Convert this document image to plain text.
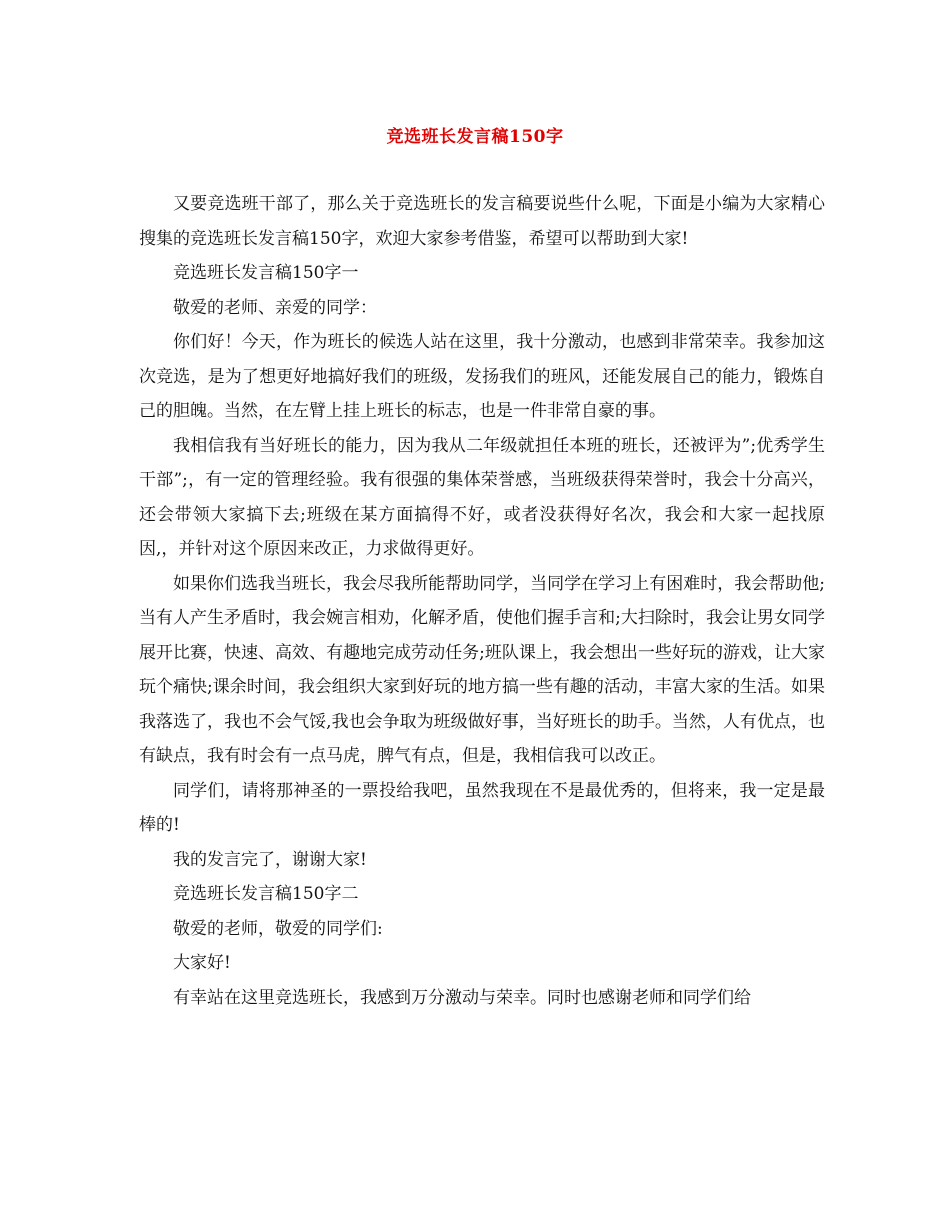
竞选班长发言稿150字

又要竞选班干部了，那么关于竞选班长的发言稿要说些什么呢，下面是小编为大家精心搜集的竞选班长发言稿150字，欢迎大家参考借鉴，希望可以帮助到大家!

竞选班长发言稿150字一

敬爱的老师、亲爱的同学：

你们好！今天，作为班长的候选人站在这里，我十分激动，也感到非常荣幸。我参加这次竞选，是为了想更好地搞好我们的班级，发扬我们的班风，还能发展自己的能力，锻炼自己的胆魄。当然，在左臂上挂上班长的标志，也是一件非常自豪的事。

我相信我有当好班长的能力，因为我从二年级就担任本班的班长，还被评为”;优秀学生干部”;，有一定的管理经验。我有很强的集体荣誉感，当班级获得荣誉时，我会十分高兴，还会带领大家搞下去;班级在某方面搞得不好，或者没获得好名次，我会和大家一起找原因,，并针对这个原因来改正，力求做得更好。

如果你们选我当班长，我会尽我所能帮助同学，当同学在学习上有困难时，我会帮助他;当有人产生矛盾时，我会婉言相劝，化解矛盾，使他们握手言和;大扫除时，我会让男女同学展开比赛，快速、高效、有趣地完成劳动任务;班队课上，我会想出一些好玩的游戏，让大家玩个痛快;课余时间，我会组织大家到好玩的地方搞一些有趣的活动，丰富大家的生活。如果我落选了，我也不会气馁,我也会争取为班级做好事，当好班长的助手。当然，人有优点，也有缺点，我有时会有一点马虎，脾气有点，但是，我相信我可以改正。

同学们，请将那神圣的一票投给我吧，虽然我现在不是最优秀的，但将来，我一定是最棒的!

我的发言完了，谢谢大家!

竞选班长发言稿150字二

敬爱的老师，敬爱的同学们:

大家好!

有幸站在这里竞选班长，我感到万分激动与荣幸。同时也感谢老师和同学们给
